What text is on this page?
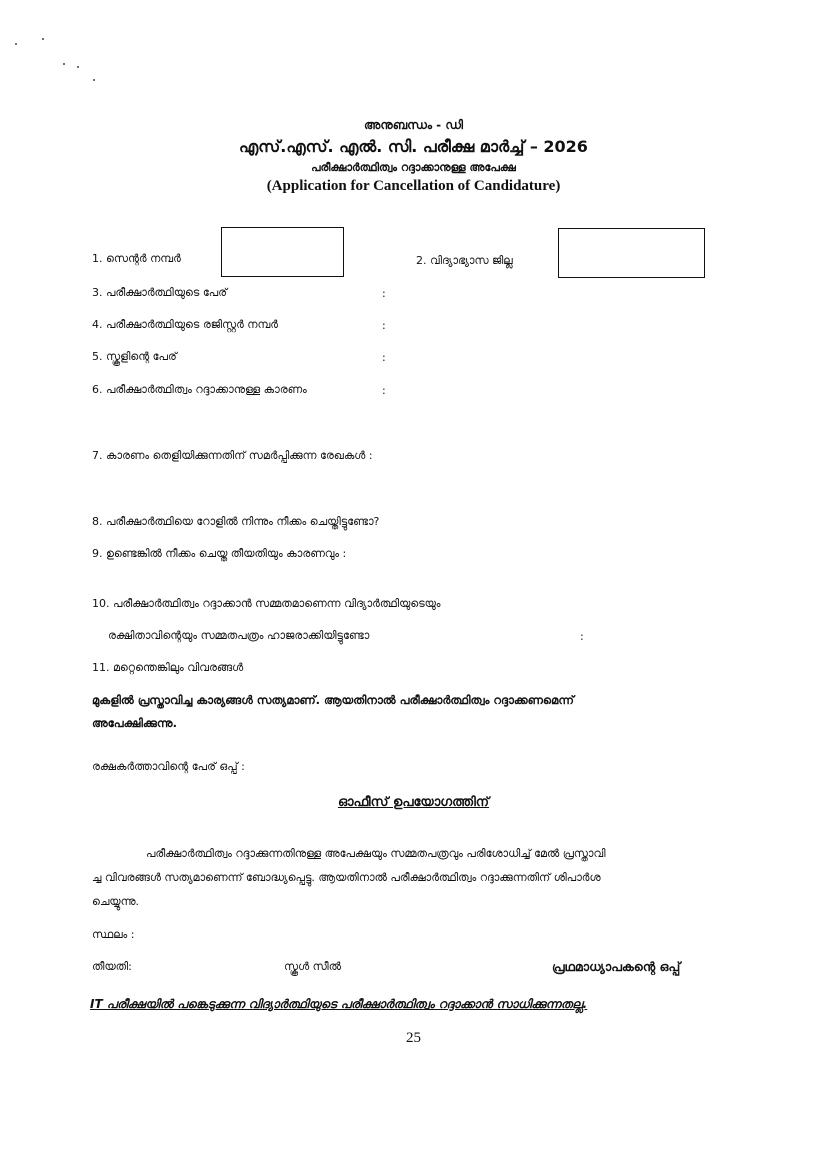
അനുബന്ധം - ഡി
എസ്.എസ്. എൽ. സി. പരീക്ഷ മാർച്ച് – 2026
പരീക്ഷാർത്ഥിത്വം റദ്ദാക്കാനുള്ള അപേക്ഷ
(Application for Cancellation of Candidature)
1. സെന്റർ നമ്പർ	2. വിദ്യാഭ്യാസ ജില്ല
3. പരീക്ഷാർത്ഥിയുടെ പേര്	:
4. പരീക്ഷാർത്ഥിയുടെ രജിസ്റ്റർ നമ്പർ	:
5. സ്കൂളിന്റെ പേര്	:
6. പരീക്ഷാർത്ഥിത്വം റദ്ദാക്കാനുള്ള കാരണം	:
7. കാരണം തെളിയിക്കുന്നതിന് സമർപ്പിക്കുന്ന രേഖകൾ :
8. പരീക്ഷാർത്ഥിയെ റോളിൽ നിന്നും നീക്കം ചെയ്തിട്ടുണ്ടോ?
9. ഉണ്ടെങ്കിൽ നീക്കം ചെയ്ത തീയതിയും കാരണവും :
10. പരീക്ഷാർത്ഥിത്വം റദ്ദാക്കാൻ സമ്മതമാണെന്ന വിദ്യാർത്ഥിയുടെയും
രക്ഷിതാവിന്റെയും സമ്മതപത്രം ഹാജരാക്കിയിട്ടുണ്ടോ	:
11. മറ്റെന്തെങ്കിലും വിവരങ്ങൾ
മുകളിൽ പ്രസ്താവിച്ച കാര്യങ്ങൾ സത്യമാണ്. ആയതിനാൽ പരീക്ഷാർത്ഥിത്വം റദ്ദാക്കണമെന്ന്
അപേക്ഷിക്കുന്നു.
രക്ഷകർത്താവിന്റെ പേര് ഒപ്പ് :
ഓഫീസ് ഉപയോഗത്തിന്
പരീക്ഷാർത്ഥിത്വം റദ്ദാക്കുന്നതിനുള്ള അപേക്ഷയും സമ്മതപത്രവും പരിശോധിച്ച് മേൽ പ്രസ്താവി
ച്ച വിവരങ്ങൾ സത്യമാണെന്ന് ബോദ്ധ്യപ്പെട്ടു. ആയതിനാൽ പരീക്ഷാർത്ഥിത്വം റദ്ദാക്കുന്നതിന് ശിപാർശ
ചെയ്യുന്നു.
സ്ഥലം :
തീയതി:	സ്കൂൾ സീൽ	പ്രഥമാധ്യാപകന്റെ ഒപ്പ്
IT പരീക്ഷയിൽ പങ്കെടുക്കുന്ന വിദ്യാർത്ഥിയുടെ പരീക്ഷാർത്ഥിത്വം റദ്ദാക്കാൻ സാധിക്കുന്നതല്ല.
25
